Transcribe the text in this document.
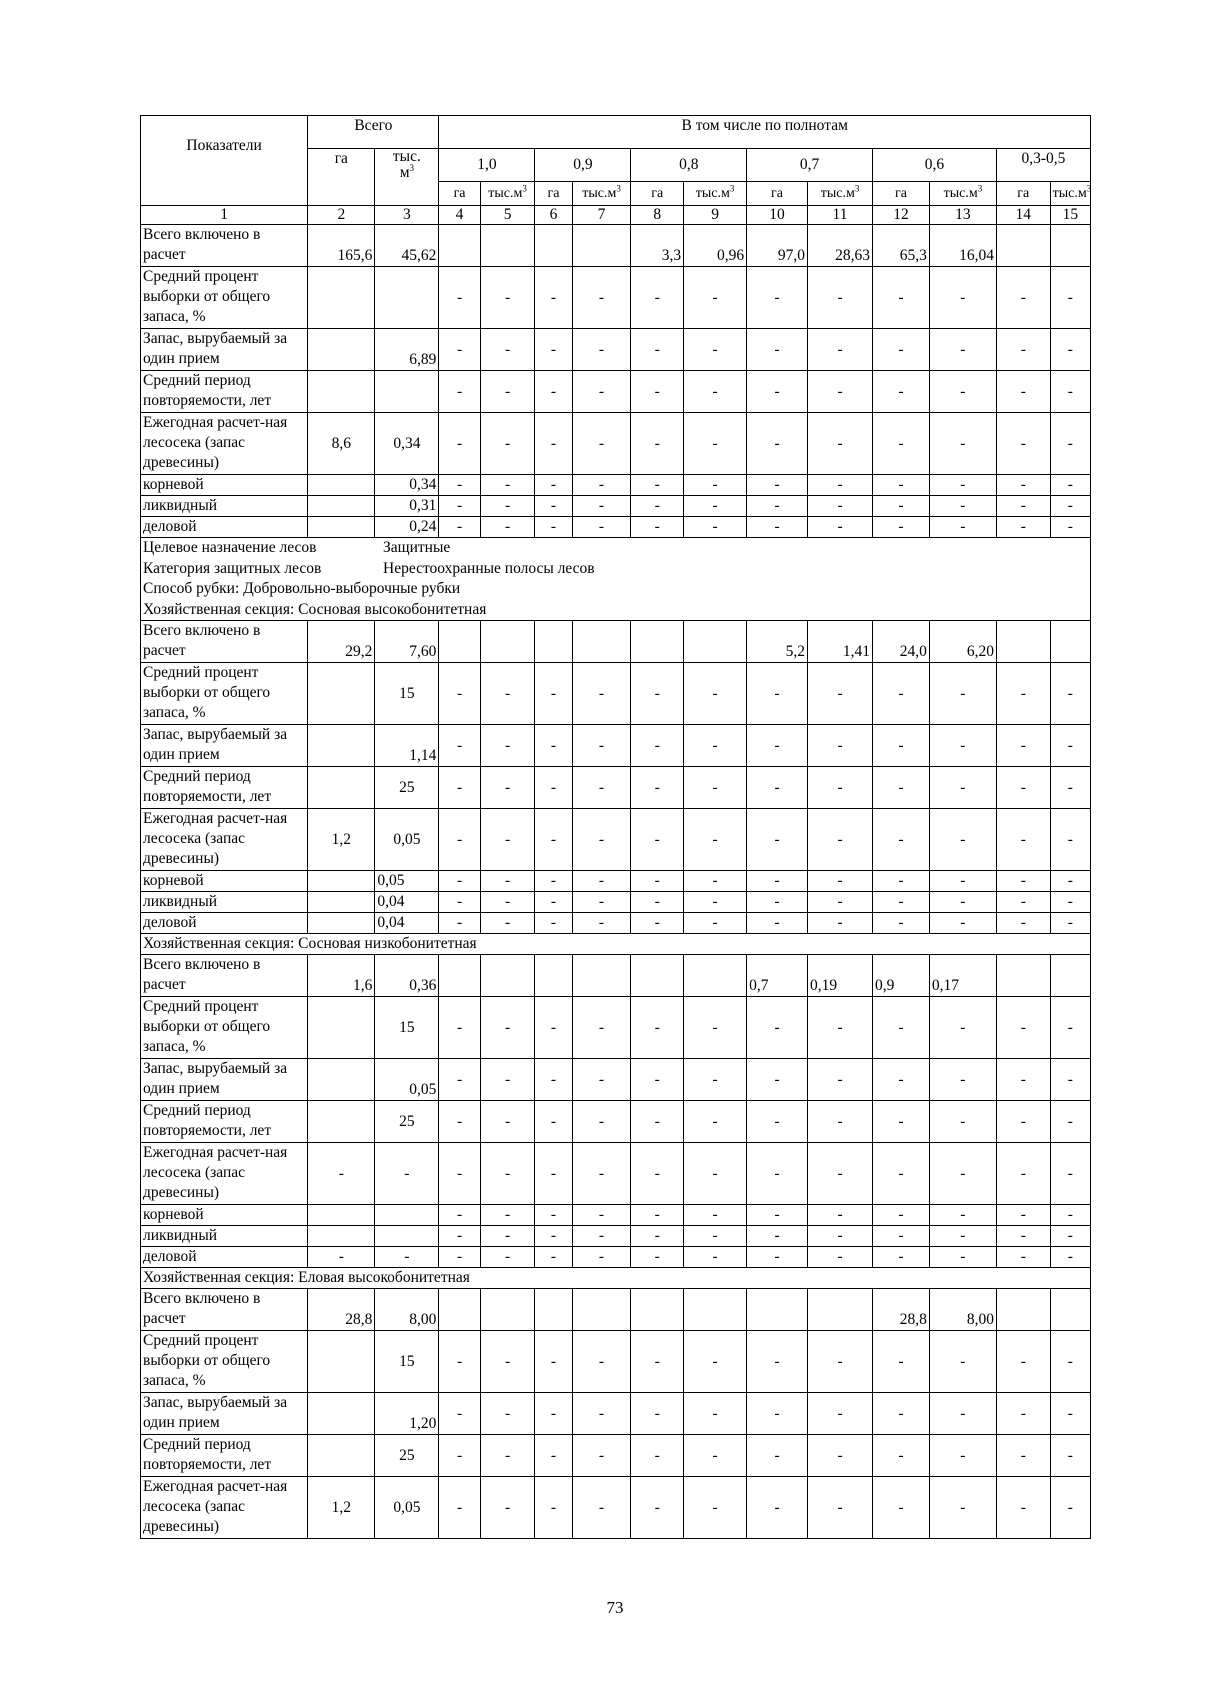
Показатели	Всего		В том числе по полнотам											
	га	тыс.
$м^3$	1,0		0,9		0,8		0,7		0,6		0,3-0,5	
			га	$тыс.м^3$	га	$тыс.м^3$	га	$тыс.м^3$	га	$тыс.м^3$	га	$тыс.м^3$	га	$тыс.м^3$
1	2	3	4	5	6	7	8	9	10	11	12	13	14	15
Всего включено в расчет	165,6	45,62					3,3	0,96	97,0	28,63	65,3	16,04		
Средний процент выборки от общего запаса, %			-	-	-	-	-	-	-	-	-	-	-	-
Запас, вырубаемый за один прием		6,89	-	-	-	-	-	-	-	-	-	-	-	-
Средний период повторяемости, лет			-	-	-	-	-	-	-	-	-	-	-	-
Ежегодная расчет-ная лесосека (запас древесины)	8,6	0,34	-	-	-	-	-	-	-	-	-	-	-	-
корневой		0,34	-	-	-	-	-	-	-	-	-	-	-	-
ликвидный		0,31	-	-	-	-	-	-	-	-	-	-	-	-
деловой		0,24	-	-	-	-	-	-	-	-	-	-	-	-

Целевое назначение лесов Защитные
Категория защитных лесов Нерестоохранные полосы лесов
Способ рубки: Добровольно-выборочные рубки
Хозяйственная секция: Сосновая высокобонитетная														

Всего включено в расчет	29,2	7,60							5,2	1,41	24,0	6,20		
Средний процент выборки от общего запаса, %		15	-	-	-	-	-	-	-	-	-	-	-	-
Запас, вырубаемый за один прием		1,14	-	-	-	-	-	-	-	-	-	-	-	-
Средний период повторяемости, лет		25	-	-	-	-	-	-	-	-	-	-	-	-
Ежегодная расчет-ная лесосека (запас древесины)	1,2	0,05	-	-	-	-	-	-	-	-	-	-	-	-
корневой		0,05	-	-	-	-	-	-	-	-	-	-	-	-
ликвидный		0,04	-	-	-	-	-	-	-	-	-	-	-	-
деловой		0,04	-	-	-	-	-	-	-	-	-	-	-	-
Хозяйственная секция: Сосновая низкобонитетная														
Всего включено в расчет	1,6	0,36							0,7	0,19	0,9	0,17		
Средний процент выборки от общего запаса, %		15	-	-	-	-	-	-	-	-	-	-	-	-
Запас, вырубаемый за один прием		0,05	-	-	-	-	-	-	-	-	-	-	-	-
Средний период повторяемости, лет		25	-	-	-	-	-	-	-	-	-	-	-	-
Ежегодная расчет-ная лесосека (запас древесины)	-	-	-	-	-	-	-	-	-	-	-	-	-	-
корневой			-	-	-	-	-	-	-	-	-	-	-	-
ликвидный			-	-	-	-	-	-	-	-	-	-	-	-
деловой	-	-	-	-	-	-	-	-	-	-	-	-	-	-
Хозяйственная секция: Еловая высокобонитетная														
Всего включено в расчет	28,8	8,00									28,8	8,00		
Средний процент выборки от общего запаса, %		15	-	-	-	-	-	-	-	-	-	-	-	-
Запас, вырубаемый за один прием		1,20	-	-	-	-	-	-	-	-	-	-	-	-
Средний период повторяемости, лет		25	-	-	-	-	-	-	-	-	-	-	-	-
Ежегодная расчет-ная лесосека (запас древесины)	1,2	0,05	-	-	-	-	-	-	-	-	-	-	-	-
73
